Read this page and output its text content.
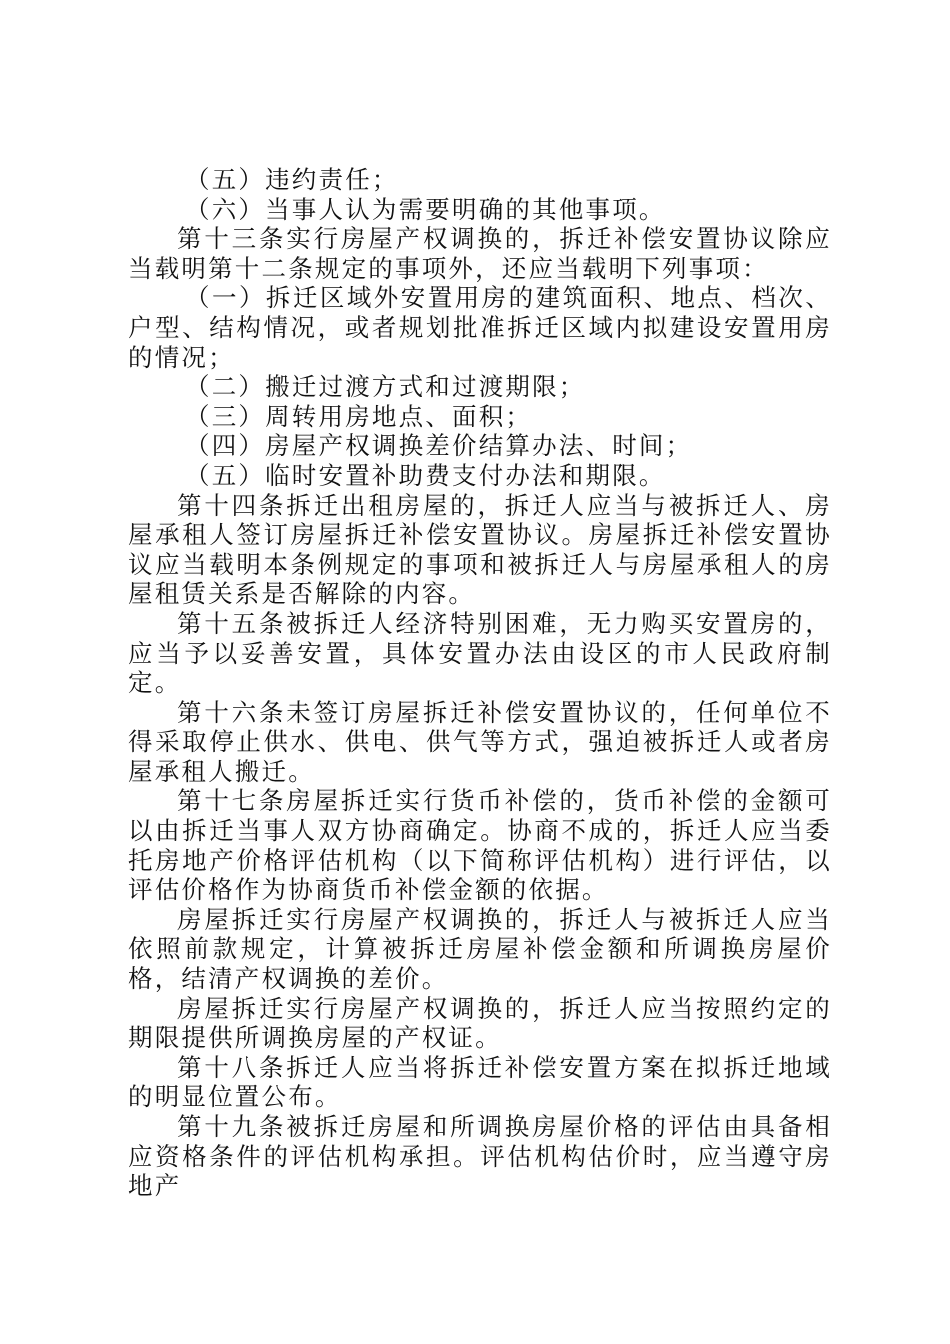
（五）违约责任；

（六）当事人认为需要明确的其他事项。

第十三条实行房屋产权调换的，拆迁补偿安置协议除应当载明第十二条规定的事项外，还应当载明下列事项：

（一）拆迁区域外安置用房的建筑面积、地点、档次、户型、结构情况，或者规划批准拆迁区域内拟建设安置用房的情况；

（二）搬迁过渡方式和过渡期限；

（三）周转用房地点、面积；

（四）房屋产权调换差价结算办法、时间；

（五）临时安置补助费支付办法和期限。

第十四条拆迁出租房屋的，拆迁人应当与被拆迁人、房屋承租人签订房屋拆迁补偿安置协议。房屋拆迁补偿安置协议应当载明本条例规定的事项和被拆迁人与房屋承租人的房屋租赁关系是否解除的内容。

第十五条被拆迁人经济特别困难，无力购买安置房的，应当予以妥善安置，具体安置办法由设区的市人民政府制定。

第十六条未签订房屋拆迁补偿安置协议的，任何单位不得采取停止供水、供电、供气等方式，强迫被拆迁人或者房屋承租人搬迁。

第十七条房屋拆迁实行货币补偿的，货币补偿的金额可以由拆迁当事人双方协商确定。协商不成的，拆迁人应当委托房地产价格评估机构（以下简称评估机构）进行评估，以评估价格作为协商货币补偿金额的依据。

房屋拆迁实行房屋产权调换的，拆迁人与被拆迁人应当依照前款规定，计算被拆迁房屋补偿金额和所调换房屋价格，结清产权调换的差价。

房屋拆迁实行房屋产权调换的，拆迁人应当按照约定的期限提供所调换房屋的产权证。

第十八条拆迁人应当将拆迁补偿安置方案在拟拆迁地域的明显位置公布。

第十九条被拆迁房屋和所调换房屋价格的评估由具备相应资格条件的评估机构承担。评估机构估价时，应当遵守房地产
